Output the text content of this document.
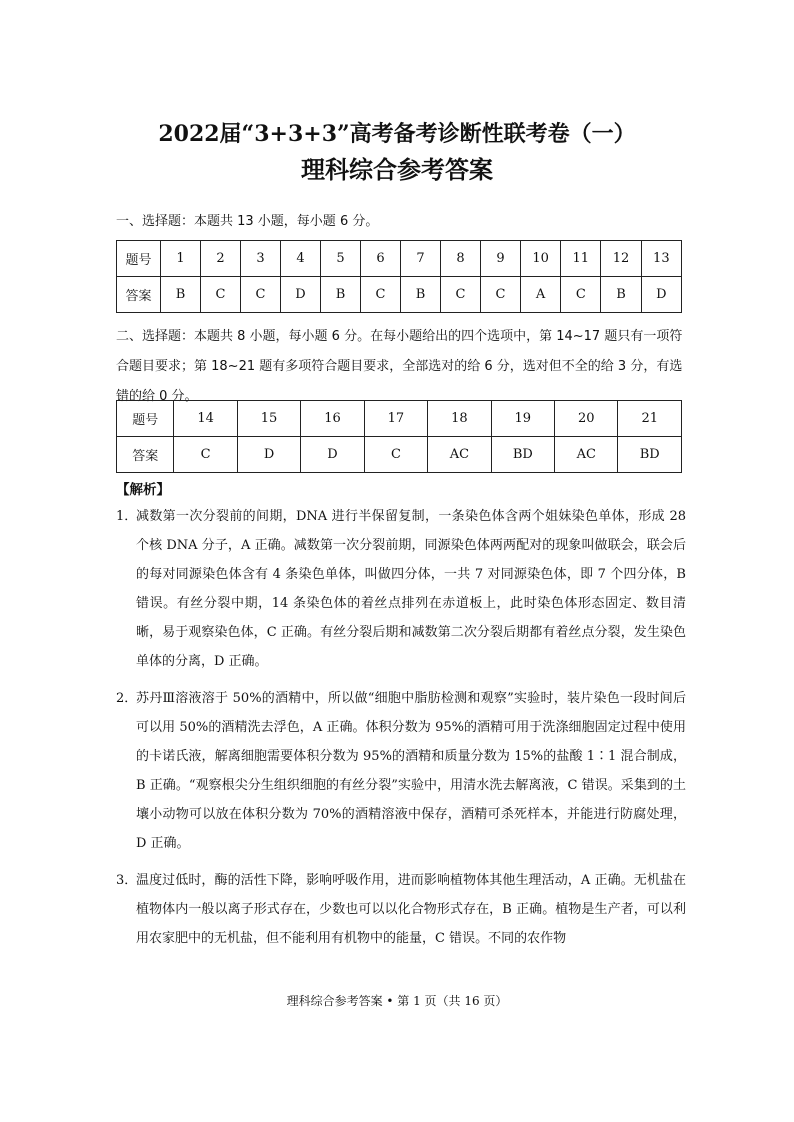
2022届“3+3+3”高考备考诊断性联考卷（一）
理科综合参考答案
一、选择题：本题共 13 小题，每小题 6 分。
题号	1	2	3	4	5	6	7	8	9	10	11	12	13
答案	B	C	C	D	B	C	B	C	C	A	C	B	D
二、选择题：本题共 8 小题，每小题 6 分。在每小题给出的四个选项中，第 14~17 题只有一项符合题目要求；第 18~21 题有多项符合题目要求，全部选对的给 6 分，选对但不全的给 3 分，有选错的给 0 分。
题号	14	15	16	17	18	19	20	21
答案	C	D	D	C	AC	BD	AC	BD
【解析】
1．
减数第一次分裂前的间期，DNA 进行半保留复制，一条染色体含两个姐妹染色单体，形成 28 个核 DNA 分子，A 正确。减数第一次分裂前期，同源染色体两两配对的现象叫做联会，联会后的每对同源染色体含有 4 条染色单体，叫做四分体，一共 7 对同源染色体，即 7 个四分体，B 错误。有丝分裂中期，14 条染色体的着丝点排列在赤道板上，此时染色体形态固定、数目清晰，易于观察染色体，C 正确。有丝分裂后期和减数第二次分裂后期都有着丝点分裂，发生染色单体的分离，D 正确。
2．
苏丹Ⅲ溶液溶于 50%的酒精中，所以做“细胞中脂肪检测和观察”实验时，装片染色一段时间后可以用 50%的酒精洗去浮色，A 正确。体积分数为 95%的酒精可用于洗涤细胞固定过程中使用的卡诺氏液，解离细胞需要体积分数为 95%的酒精和质量分数为 15%的盐酸 1∶1 混合制成，B 正确。“观察根尖分生组织细胞的有丝分裂”实验中，用清水洗去解离液，C 错误。采集到的土壤小动物可以放在体积分数为 70%的酒精溶液中保存，酒精可杀死样本，并能进行防腐处理，D 正确。
3．
温度过低时，酶的活性下降，影响呼吸作用，进而影响植物体其他生理活动，A 正确。无机盐在植物体内一般以离子形式存在，少数也可以以化合物形式存在，B 正确。植物是生产者，可以利用农家肥中的无机盐，但不能利用有机物中的能量，C 错误。不同的农作物
理科综合参考答案 • 第 1 页（共 16 页）
